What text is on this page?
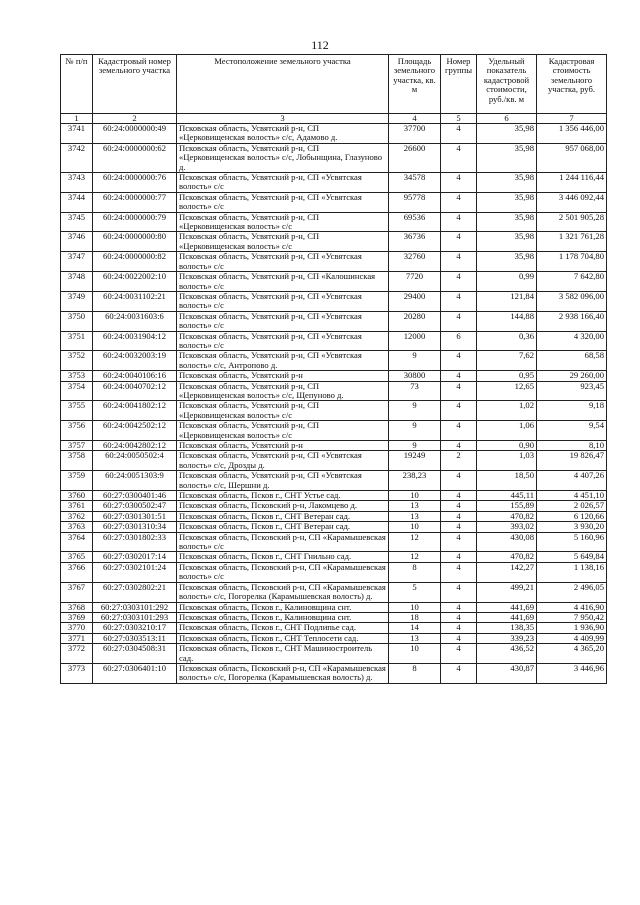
112
№ п/п	Кадастровый номер земельного участка	Местоположение земельного участка	Площадь земельного участка, кв. м	Номер группы	Удельный показатель кадастровой стоимости, руб./кв. м	Кадастровая стоимость земельного участка, руб.
1	2	3	4	5	6	7
3741	60:24:0000000:49	Псковская область, Усвятский р-н, СП «Церковищенская волость» с/с, Адамово д.	37700	4	35,98	1 356 446,00
3742	60:24:0000000:62	Псковская область, Усвятский р-н, СП «Церковищенская волость» с/с, Лобынщина, Глазуново д.	26600	4	35,98	957 068,00
3743	60:24:0000000:76	Псковская область, Усвятский р-н, СП «Усвятская волость» с/с	34578	4	35,98	1 244 116,44
3744	60:24:0000000:77	Псковская область, Усвятский р-н, СП «Усвятская волость» с/с	95778	4	35,98	3 446 092,44
3745	60:24:0000000:79	Псковская область, Усвятский р-н, СП «Церковищенская волость» с/с	69536	4	35,98	2 501 905,28
3746	60:24:0000000:80	Псковская область, Усвятский р-н, СП «Церковищенская волость» с/с	36736	4	35,98	1 321 761,28
3747	60:24:0000000:82	Псковская область, Усвятский р-н, СП «Усвятская волость» с/с	32760	4	35,98	1 178 704,80
3748	60:24:0022002:10	Псковская область, Усвятский р-н, СП «Калошинская волость» с/с	7720	4	0,99	7 642,80
3749	60:24:0031102:21	Псковская область, Усвятский р-н, СП «Усвятская волость» с/с	29400	4	121,84	3 582 096,00
3750	60:24:0031603:6	Псковская область, Усвятский р-н, СП «Усвятская волость» с/с	20280	4	144,88	2 938 166,40
3751	60:24:0031904:12	Псковская область, Усвятский р-н, СП «Усвятская волость» с/с	12000	6	0,36	4 320,00
3752	60:24:0032003:19	Псковская область, Усвятский р-н, СП «Усвятская волость» с/с, Антропово д.	9	4	7,62	68,58
3753	60:24:0040106:16	Псковская область, Усвятский р-н	30800	4	0,95	29 260,00
3754	60:24:0040702:12	Псковская область, Усвятский р-н, СП «Церковищенская волость» с/с, Щепуново д.	73	4	12,65	923,45
3755	60:24:0041802:12	Псковская область, Усвятский р-н, СП «Церковищенская волость» с/с	9	4	1,02	9,18
3756	60:24:0042502:12	Псковская область, Усвятский р-н, СП «Церковищенская волость» с/с	9	4	1,06	9,54
3757	60:24:0042802:12	Псковская область, Усвятский р-н	9	4	0,90	8,10
3758	60:24:0050502:4	Псковская область, Усвятский р-н, СП «Усвятская волость» с/с, Дрозды д.	19249	2	1,03	19 826,47
3759	60:24:0051303:9	Псковская область, Усвятский р-н, СП «Усвятская волость» с/с, Шершни д.	238,23	4	18,50	4 407,26
3760	60:27:0300401:46	Псковская область, Псков г., СНТ Устье сад.	10	4	445,11	4 451,10
3761	60:27:0300502:47	Псковская область, Псковский р-н, Лакомцево д.	13	4	155,89	2 026,57
3762	60:27:0301301:51	Псковская область, Псков г., СНТ Ветеран сад.	13	4	470,82	6 120,66
3763	60:27:0301310:34	Псковская область, Псков г., СНТ Ветеран сад.	10	4	393,02	3 930,20
3764	60:27:0301802:33	Псковская область, Псковский р-н, СП «Карамышевская волость» с/с	12	4	430,08	5 160,96
3765	60:27:0302017:14	Псковская область, Псков г., СНТ Гнильно сад.	12	4	470,82	5 649,84
3766	60:27:0302101:24	Псковская область, Псковский р-н, СП «Карамышевская волость» с/с	8	4	142,27	1 138,16
3767	60:27:0302802:21	Псковская область, Псковский р-н, СП «Карамышевская волость» с/с, Погорелка (Карамышевская волость) д.	5	4	499,21	2 496,05
3768	60:27:0303101:292	Псковская область, Псков г., Калиновщина снт.	10	4	441,69	4 416,90
3769	60:27:0303101:293	Псковская область, Псков г., Калиновщина снт.	18	4	441,69	7 950,42
3770	60:27:0303210:17	Псковская область, Псков г., СНТ Подлипье сад.	14	4	138,35	1 936,90
3771	60:27:0303513:11	Псковская область, Псков г., СНТ Теплосети сад.	13	4	339,23	4 409,99
3772	60:27:0304508:31	Псковская область, Псков г., СНТ Машиностроитель сад.	10	4	436,52	4 365,20
3773	60:27:0306401:10	Псковская область, Псковский р-н, СП «Карамышевская волость» с/с, Погорелка (Карамышевская волость) д.	8	4	430,87	3 446,96
